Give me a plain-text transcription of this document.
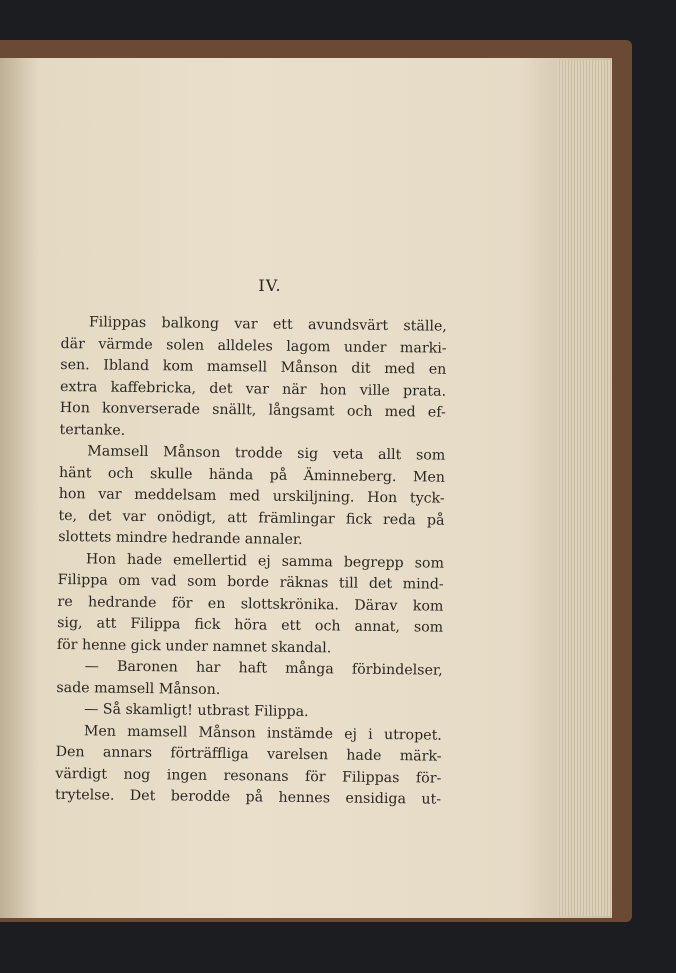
IV.
Filippas balkong var ett avundsvärt ställe,
där värmde solen alldeles lagom under marki-
sen. Ibland kom mamsell Månson dit med en
extra kaffebricka, det var när hon ville prata.
Hon konverserade snällt, långsamt och med ef-
tertanke.
Mamsell Månson trodde sig veta allt som
hänt och skulle hända på Äminneberg. Men
hon var meddelsam med urskiljning. Hon tyck-
te, det var onödigt, att främlingar fick reda på
slottets mindre hedrande annaler.
Hon hade emellertid ej samma begrepp som
Filippa om vad som borde räknas till det mind-
re hedrande för en slottskrönika. Därav kom
sig, att Filippa fick höra ett och annat, som
för henne gick under namnet skandal.
— Baronen har haft många förbindelser,
sade mamsell Månson.
— Så skamligt! utbrast Filippa.
Men mamsell Månson instämde ej i utropet.
Den annars förträffliga varelsen hade märk-
värdigt nog ingen resonans för Filippas för-
trytelse. Det berodde på hennes ensidiga ut-
